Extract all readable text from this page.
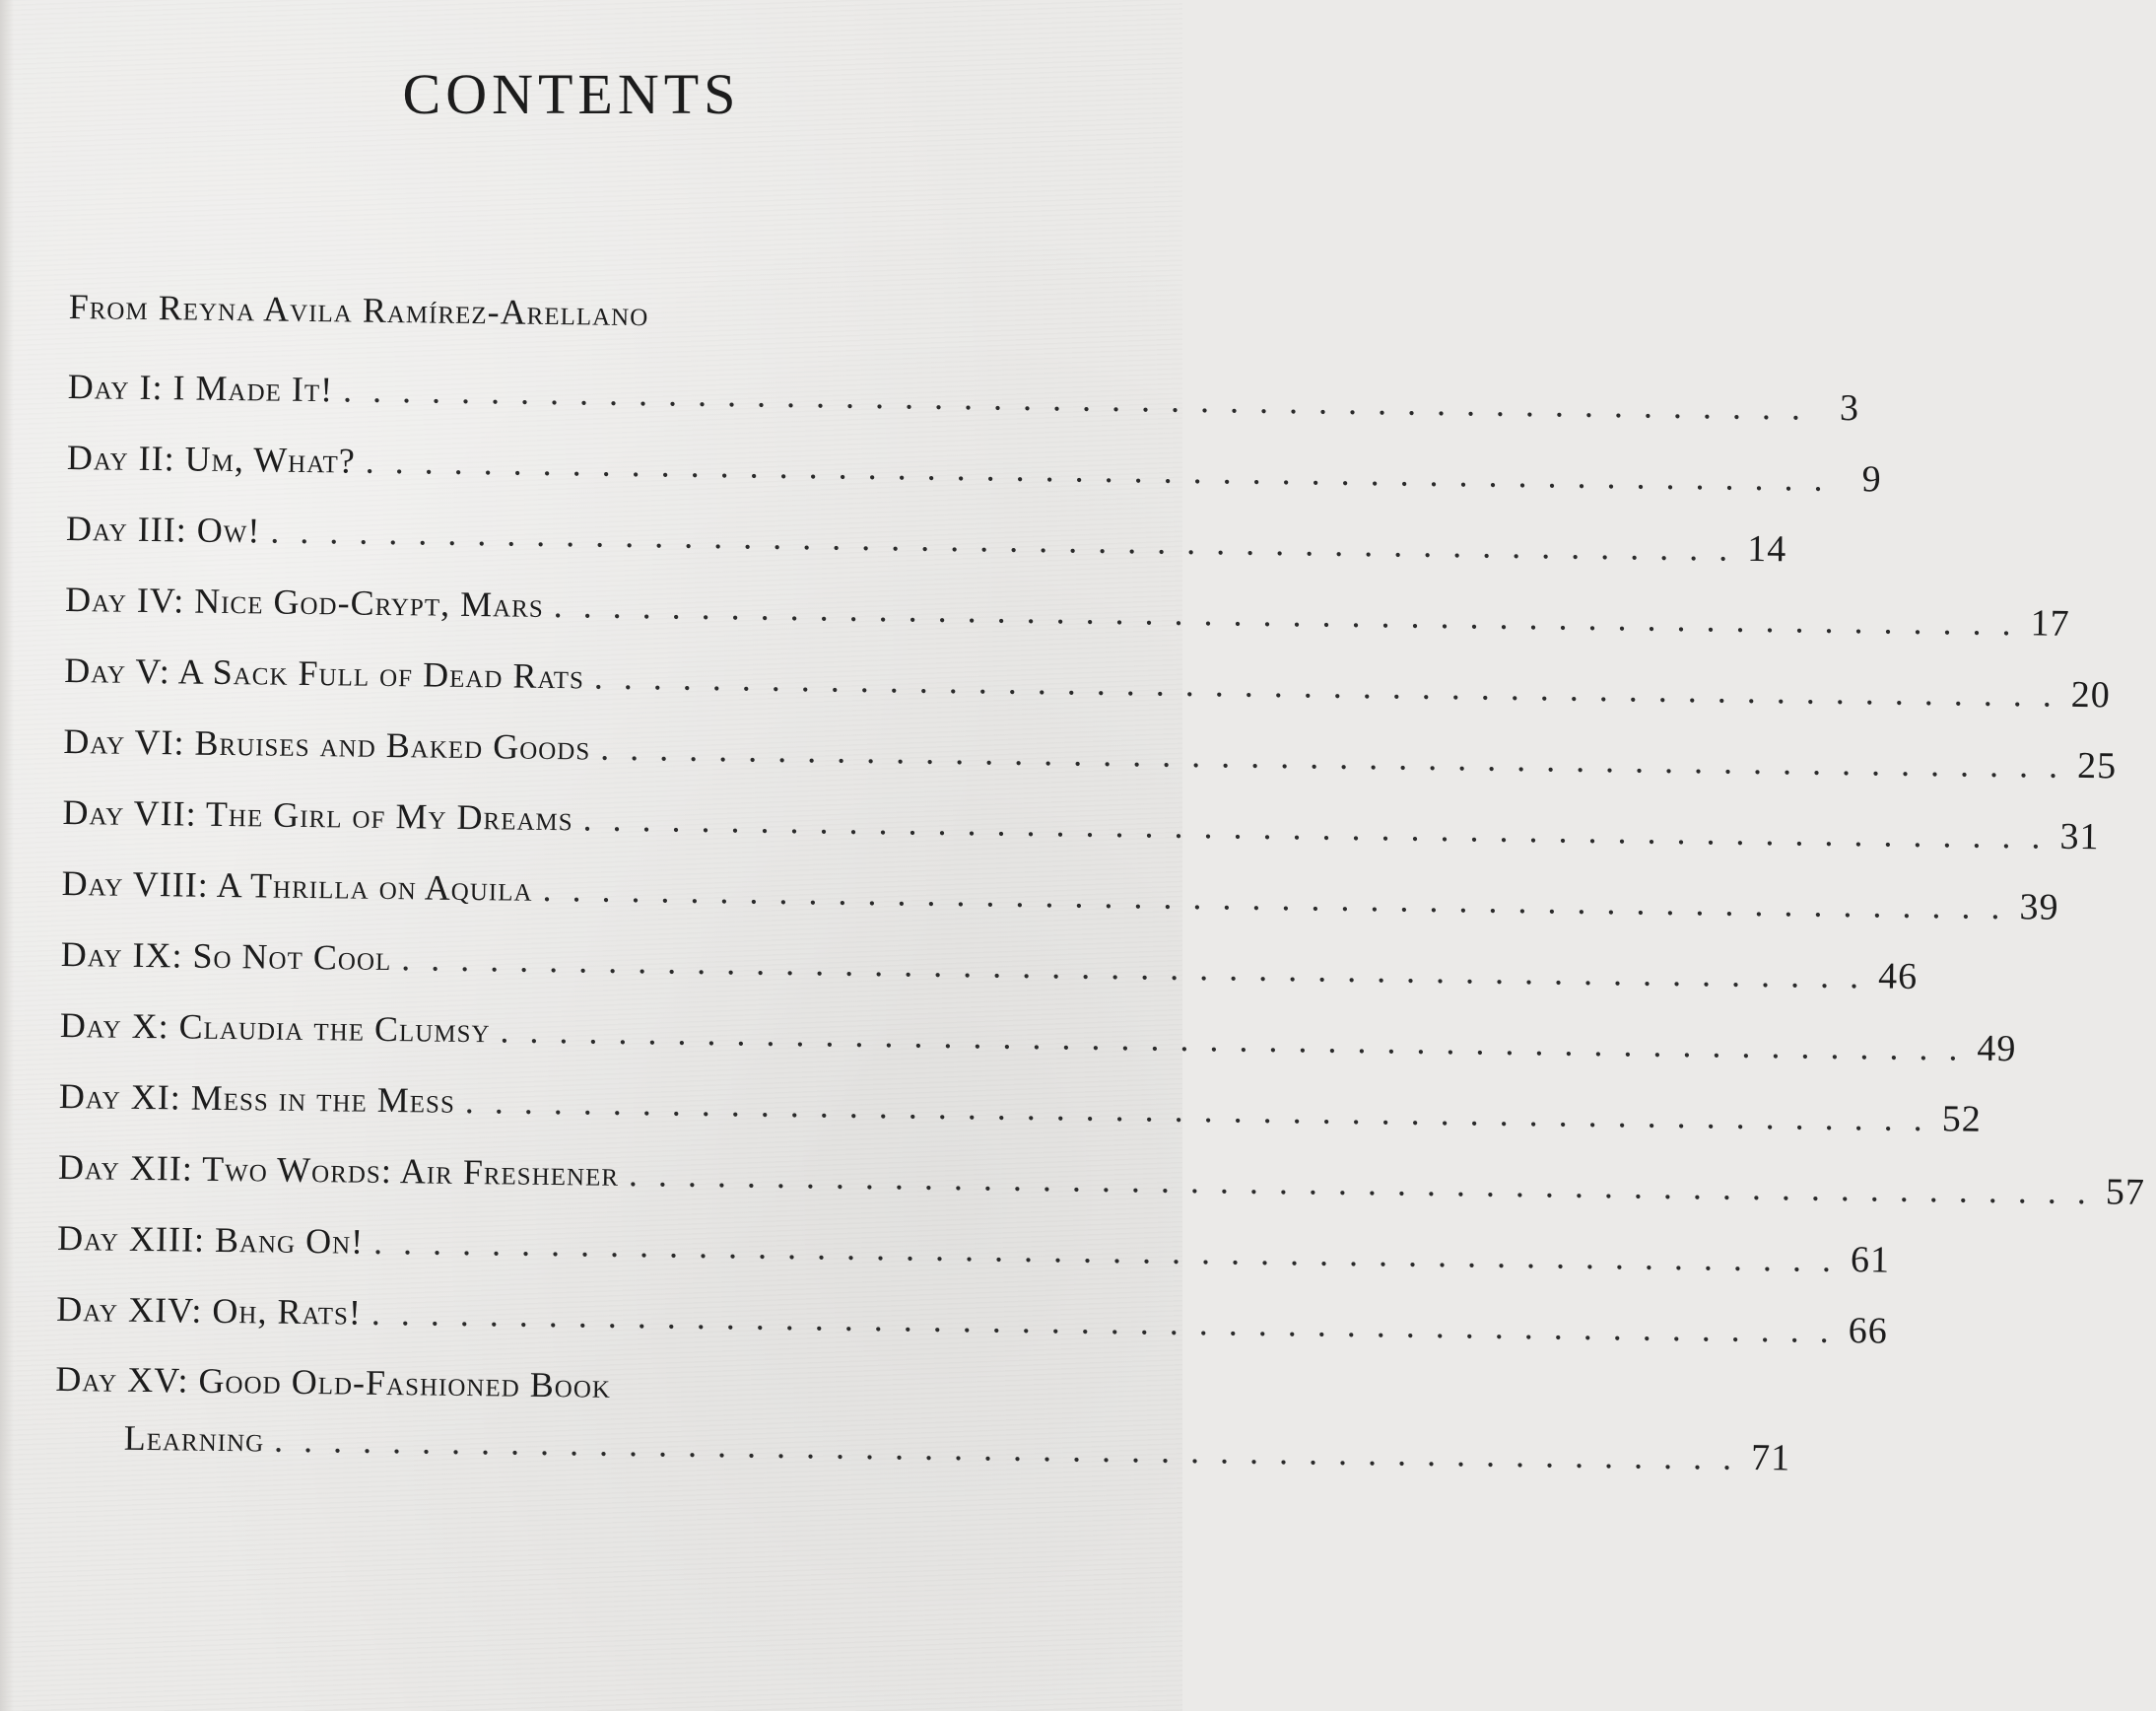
CONTENTS
From Reyna Avila Ramírez-Arellano
Day I: I Made It! . . . . . . . . . . . . . . . . . . . . . . . . . . . . . . . . . . . . . . . . . . . . . . . . . . 3
Day II: Um, What? . . . . . . . . . . . . . . . . . . . . . . . . . . . . . . . . . . . . . . . . . . . . . . . . . . 9
Day III: Ow! . . . . . . . . . . . . . . . . . . . . . . . . . . . . . . . . . . . . . . . . . . . . . . . . . . 14
Day IV: Nice God-Crypt, Mars . . . . . . . . . . . . . . . . . . . . . . . . . . . . . . . . . . . . . . . . . . . . . . . . . . 17
Day V: A Sack Full of Dead Rats . . . . . . . . . . . . . . . . . . . . . . . . . . . . . . . . . . . . . . . . . . . . . . . . . . 20
Day VI: Bruises and Baked Goods . . . . . . . . . . . . . . . . . . . . . . . . . . . . . . . . . . . . . . . . . . . . . . . . . . 25
Day VII: The Girl of My Dreams . . . . . . . . . . . . . . . . . . . . . . . . . . . . . . . . . . . . . . . . . . . . . . . . . . 31
Day VIII: A Thrilla on Aquila . . . . . . . . . . . . . . . . . . . . . . . . . . . . . . . . . . . . . . . . . . . . . . . . . . 39
Day IX: So Not Cool . . . . . . . . . . . . . . . . . . . . . . . . . . . . . . . . . . . . . . . . . . . . . . . . . . 46
Day X: Claudia the Clumsy . . . . . . . . . . . . . . . . . . . . . . . . . . . . . . . . . . . . . . . . . . . . . . . . . . 49
Day XI: Mess in the Mess . . . . . . . . . . . . . . . . . . . . . . . . . . . . . . . . . . . . . . . . . . . . . . . . . . 52
Day XII: Two Words: Air Freshener . . . . . . . . . . . . . . . . . . . . . . . . . . . . . . . . . . . . . . . . . . . . . . . . . . 57
Day XIII: Bang On! . . . . . . . . . . . . . . . . . . . . . . . . . . . . . . . . . . . . . . . . . . . . . . . . . . 61
Day XIV: Oh, Rats! . . . . . . . . . . . . . . . . . . . . . . . . . . . . . . . . . . . . . . . . . . . . . . . . . . 66
Day XV: Good Old-Fashioned Book
Learning . . . . . . . . . . . . . . . . . . . . . . . . . . . . . . . . . . . . . . . . . . . . . . . . . . 71
